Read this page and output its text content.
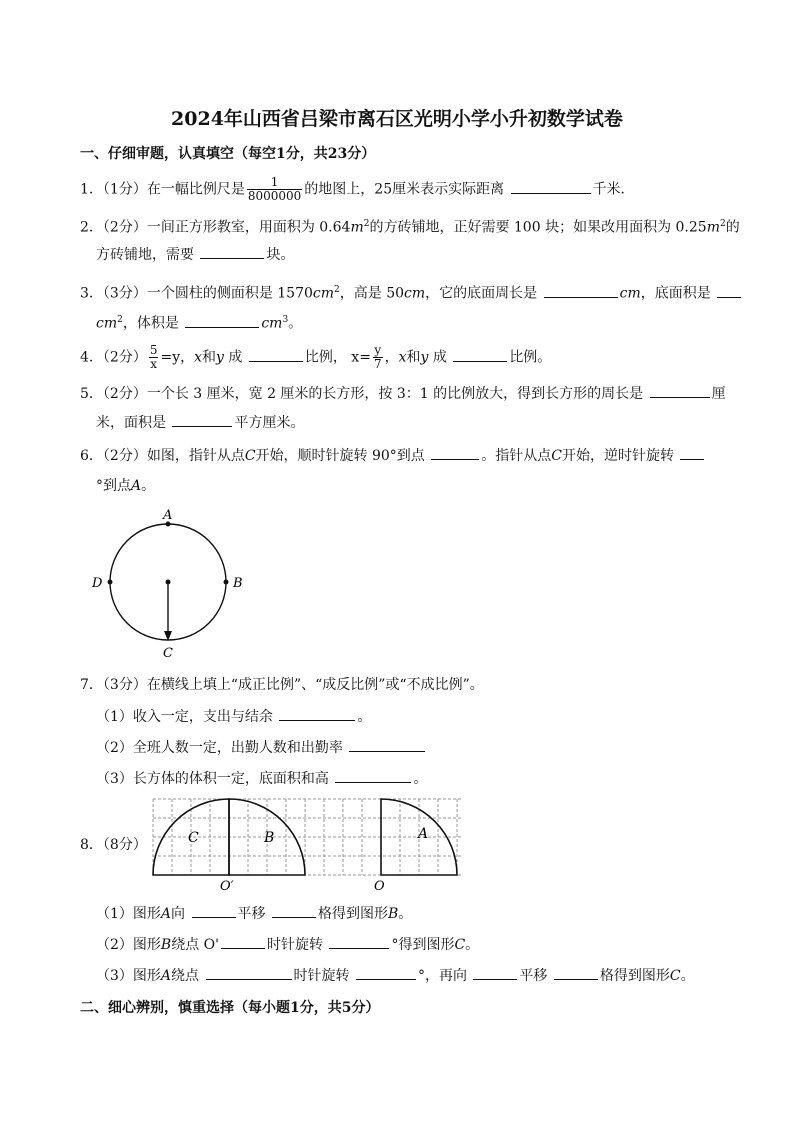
2024年山西省吕梁市离石区光明小学小升初数学试卷
一、仔细审题，认真填空（每空1分，共23分）
1．（1分）在一幅比例尺是 $\frac{1}{8000000}$ 的地图上，25厘米表示实际距离	千米．
2．（2分）一间正方形教室，用面积为 $0.64m^2$的方砖铺地，正好需要 100 块；如果改用面积为 $0.25m^2$的
方砖铺地，需要	块。
3．（3分）一个圆柱的侧面积是 $1570cm^2$，高是 50cm，它的底面周长是	cm，底面积是
$cm^2$，体积是	$cm^3$。
4．（2分） $\frac{5}{x} =y$，x和y 成	比例， $x= \frac{y}{7}$ ，x和y 成	比例。
5．（2分）一个长 3 厘米，宽 2 厘米的长方形，按 3：1 的比例放大，得到长方形的周长是	厘
米，面积是	平方厘米。
6．（2分）如图，指针从点C开始，顺时针旋转 90°到点	。指针从点C开始，逆时针旋转
°到点A。
A
B
C
D
7．（3分）在横线上填上“成正比例”、“成反比例”或“不成比例”。
（1）收入一定，支出与结余	。
（2）全班人数一定，出勤人数和出勤率
（3）长方体的体积一定，底面积和高	。
8．（8分）	C	B	A
O′	O
（1）图形A向	平移	格得到图形B。
（2）图形B绕点 O'	时针旋转	°得到图形C。
（3）图形A绕点	时针旋转	°，再向	平移	格得到图形C。
二、细心辨别，慎重选择（每小题1分，共5分）
